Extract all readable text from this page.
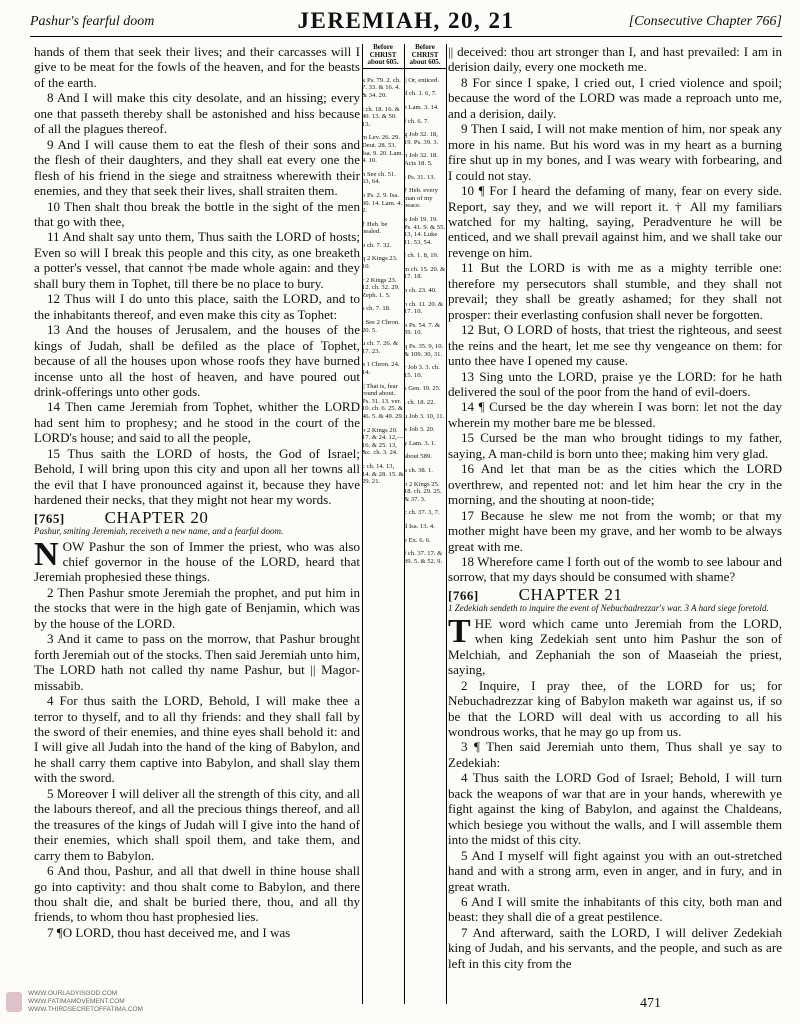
Pashur's fearful doom	JEREMIAH, 20, 21	[Consecutive Chapter 766]

hands of them that seek their lives; and their carcasses will I give to be meat for the fowls of the heaven, and for the beasts of the earth.

8 And I will make this city desolate, and an hissing; every one that passeth thereby shall be astonished and hiss because of all the plagues thereof.

9 And I will cause them to eat the flesh of their sons and the flesh of their daughters, and they shall eat every one the flesh of his friend in the siege and straitness wherewith their enemies, and they that seek their lives, shall straiten them.

10 Then shalt thou break the bottle in the sight of the men that go with thee,

11 And shalt say unto them, Thus saith the LORD of hosts; Even so will I break this people and this city, as one breaketh a potter's vessel, that cannot †be made whole again: and they shall bury them in Tophet, till there be no place to bury.

12 Thus will I do unto this place, saith the LORD, and to the inhabitants thereof, and even make this city as Tophet:

13 And the houses of Jerusalem, and the houses of the kings of Judah, shall be defiled as the place of Tophet, because of all the houses upon whose roofs they have burned incense unto all the host of heaven, and have poured out drink-offerings unto other gods.

14 Then came Jeremiah from Tophet, whither the LORD had sent him to prophesy; and he stood in the court of the LORD's house; and said to all the people,

15 Thus saith the LORD of hosts, the God of Israel; Behold, I will bring upon this city and upon all her towns all the evil that I have pronounced against it, because they have hardened their necks, that they might not hear my words.

[765] CHAPTER 20
Pashur, smiting Jeremiah, receiveth a new name, and a fearful doom.

NOW Pashur the son of Immer the priest, who was also chief governor in the house of the LORD, heard that Jeremiah prophesied these things.

2 Then Pashur smote Jeremiah the prophet, and put him in the stocks that were in the high gate of Benjamin, which was by the house of the LORD.

3 And it came to pass on the morrow, that Pashur brought forth Jeremiah out of the stocks. Then said Jeremiah unto him, The LORD hath not called thy name Pashur, but || Magor-missabib.

4 For thus saith the LORD, Behold, I will make thee a terror to thyself, and to all thy friends: and they shall fall by the sword of their enemies, and thine eyes shall behold it: and I will give all Judah into the hand of the king of Babylon, and he shall carry them captive into Babylon, and shall slay them with the sword.

5 Moreover I will deliver all the strength of this city, and all the labours thereof, and all the precious things thereof, and all the treasures of the kings of Judah will I give into the hand of their enemies, which shall spoil them, and take them, and carry them to Babylon.

6 And thou, Pashur, and all that dwell in thine house shall go into captivity: and thou shalt come to Babylon, and there thou shalt die, and shalt be buried there, thou, and all thy friends, to whom thou hast prophesied lies.

7 ¶O LORD, thou hast deceived me, and I was

Before CHRIST about 605.
k Ps. 79. 2. ch. 7. 33. & 16. 4. & 34. 20.
l ch. 18. 16. & 49. 13. & 50. 13.
m Lev. 26. 29. Deut. 28. 53. Isa. 9. 20. Lam. 4. 10.
n See ch. 51. 63, 64.
o Ps. 2. 9. Isa. 30. 14. Lam. 4. 2.
† Heb. be healed.
p ch. 7. 32.
q 2 Kings 23. 10.
r 2 Kings 23. 12. ch. 32. 29. Zeph. 1. 5.
s ch. 7. 18.
t See 2 Chron. 20. 5.
u ch. 7. 26. & 17. 23.
a 1 Chron. 24. 14.
|| That is, fear round about. Ps. 31. 13. ver. 10. ch. 6. 25. & 46. 5. & 49. 29.
b 2 Kings 20. 17. & 24. 12,—16. & 25. 13, &c. ch. 3. 24.
c ch. 14. 13, 14. & 28. 15. & 29. 21.
Before CHRIST about 605.
|| Or, enticed.
d ch. 1. 6, 7.
e Lam. 3. 14.
f ch. 6. 7.
g Job 32. 18, 19. Ps. 39. 3.
h Job 32. 18. Acts 18. 5.
i Ps. 31. 13.
† Heb. every man of my peace.
k Job 19. 19. Ps. 41. 9. & 55. 13, 14. Luke 11. 53, 54.
l ch. 1. 8, 19.
m ch. 15. 20. & 17. 18.
n ch. 23. 40.
o ch. 11. 20. & 17. 10.
p Ps. 54. 7. & 59. 10.
q Ps. 35. 9, 10. & 109. 30, 31.
r Job 3. 3. ch. 15. 10.
s Gen. 19. 25.
t ch. 18. 22.
u Job 3. 10, 11.
x Job 3. 20.
y Lam. 3. 1.
about 589.
a ch. 38. 1.
b 2 Kings 25. 18. ch. 29. 25. & 37. 3.
c ch. 37. 3, 7.
d Isa. 13. 4.
e Ex. 6. 6.
f ch. 37. 17. & 39. 5. & 52. 9.

|| deceived: thou art stronger than I, and hast prevailed: I am in derision daily, every one mocketh me.

8 For since I spake, I cried out, I cried violence and spoil; because the word of the LORD was made a reproach unto me, and a derision, daily.

9 Then I said, I will not make mention of him, nor speak any more in his name. But his word was in my heart as a burning fire shut up in my bones, and I was weary with forbearing, and I could not stay.

10 ¶ For I heard the defaming of many, fear on every side. Report, say they, and we will report it. † All my familiars watched for my halting, saying, Peradventure he will be enticed, and we shall prevail against him, and we shall take our revenge on him.

11 But the LORD is with me as a mighty terrible one: therefore my persecutors shall stumble, and they shall not prevail; they shall be greatly ashamed; for they shall not prosper: their everlasting confusion shall never be forgotten.

12 But, O LORD of hosts, that triest the righteous, and seest the reins and the heart, let me see thy vengeance on them: for unto thee have I opened my cause.

13 Sing unto the LORD, praise ye the LORD: for he hath delivered the soul of the poor from the hand of evil-doers.

14 ¶ Cursed be the day wherein I was born: let not the day wherein my mother bare me be blessed.

15 Cursed be the man who brought tidings to my father, saying, A man-child is born unto thee; making him very glad.

16 And let that man be as the cities which the LORD overthrew, and repented not: and let him hear the cry in the morning, and the shouting at noon-tide;

17 Because he slew me not from the womb; or that my mother might have been my grave, and her womb to be always great with me.

18 Wherefore came I forth out of the womb to see labour and sorrow, that my days should be consumed with shame?

[766] CHAPTER 21
1 Zedekiah sendeth to inquire the event of Nebuchadrezzar's war. 3 A hard siege foretold.

THE word which came unto Jeremiah from the LORD, when king Zedekiah sent unto him Pashur the son of Melchiah, and Zephaniah the son of Maaseiah the priest, saying,

2 Inquire, I pray thee, of the LORD for us; for Nebuchadrezzar king of Babylon maketh war against us, if so be that the LORD will deal with us according to all his wondrous works, that he may go up from us.

3 ¶ Then said Jeremiah unto them, Thus shall ye say to Zedekiah:

4 Thus saith the LORD God of Israel; Behold, I will turn back the weapons of war that are in your hands, wherewith ye fight against the king of Babylon, and against the Chaldeans, which besiege you without the walls, and I will assemble them into the midst of this city.

5 And I myself will fight against you with an out-stretched hand and with a strong arm, even in anger, and in fury, and in great wrath.

6 And I will smite the inhabitants of this city, both man and beast: they shall die of a great pestilence.

7 And afterward, saith the LORD, I will deliver Zedekiah king of Judah, and his servants, and the people, and such as are left in this city from the

WWW.OURLADYISGOD.COM
WWW.FATIMAMOVEMENT.COM
WWW.THIRDSECRETOFFATIMA.COM	471
